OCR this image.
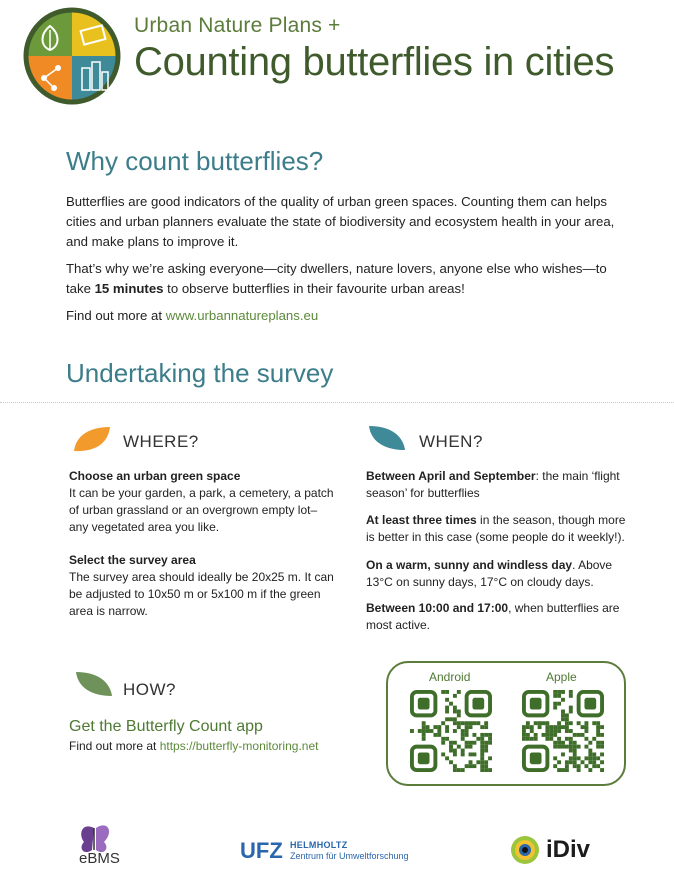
Urban Nature Plans +
Counting butterflies in cities
Why count butterflies?
Butterflies are good indicators of the quality of urban green spaces. Counting them can helps cities and urban planners evaluate the state of biodiversity and ecosystem health in your area, and make plans to improve it.
That’s why we’re asking everyone—city dwellers, nature lovers, anyone else who wishes—to take 15 minutes to observe butterflies in their favourite urban areas!
Find out more at www.urbannatureplans.eu
Undertaking the survey
WHERE?
Choose an urban green space
It can be your garden, a park, a cemetery, a patch of urban grassland or an overgrown empty lot– any vegetated area you like.
Select the survey area
The survey area should ideally be 20x25 m. It can be adjusted to 10x50 m or 5x100 m if the green area is narrow.
WHEN?
Between April and September: the main ‘flight season’ for butterflies
At least three times in the season, though more is better in this case (some people do it weekly!).
On a warm, sunny and windless day. Above 13°C on sunny days, 17°C on cloudy days.
Between 10:00 and 17:00, when butterflies are most active.
HOW?
Get the Butterfly Count app
Find out more at https://butterfly-monitoring.net
Android	Apple
eBMS	UFZ HELMHOLTZ
Zentrum für Umweltforschung	iDiv
